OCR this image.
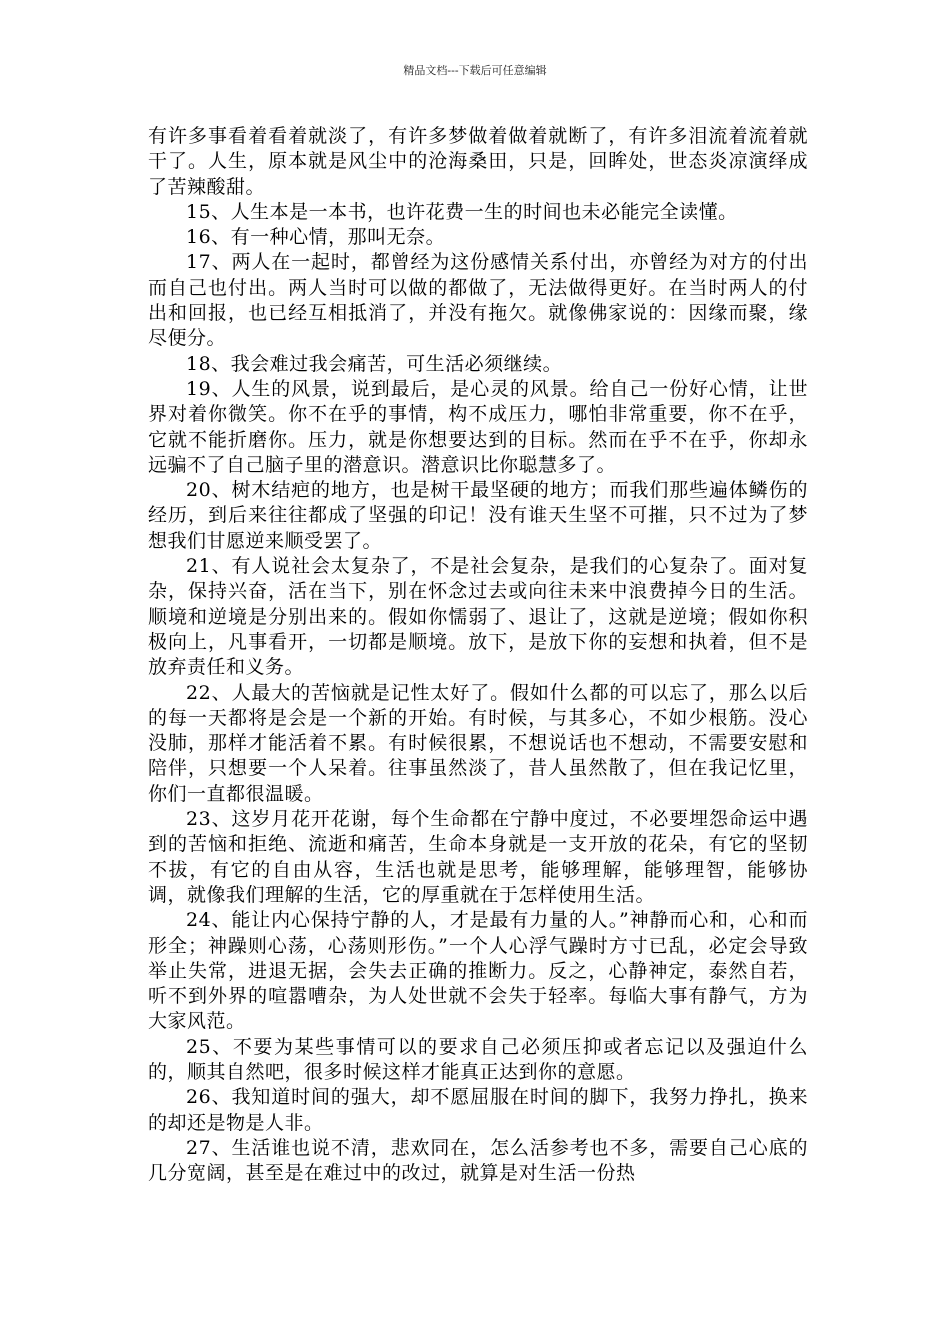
精品文档---下载后可任意编辑

有许多事看着看着就淡了，有许多梦做着做着就断了，有许多泪流着流着就干了。人生，原本就是风尘中的沧海桑田，只是，回眸处，世态炎凉演绎成了苦辣酸甜。

15、人生本是一本书，也许花费一生的时间也未必能完全读懂。

16、有一种心情，那叫无奈。

17、两人在一起时，都曾经为这份感情关系付出，亦曾经为对方的付出而自己也付出。两人当时可以做的都做了，无法做得更好。在当时两人的付出和回报，也已经互相抵消了，并没有拖欠。就像佛家说的：因缘而聚，缘尽便分。

18、我会难过我会痛苦，可生活必须继续。

19、人生的风景，说到最后，是心灵的风景。给自己一份好心情，让世界对着你微笑。你不在乎的事情，构不成压力，哪怕非常重要，你不在乎，它就不能折磨你。压力，就是你想要达到的目标。然而在乎不在乎，你却永远骗不了自己脑子里的潜意识。潜意识比你聪慧多了。

20、树木结疤的地方，也是树干最坚硬的地方；而我们那些遍体鳞伤的经历，到后来往往都成了坚强的印记！没有谁天生坚不可摧，只不过为了梦想我们甘愿逆来顺受罢了。

21、有人说社会太复杂了，不是社会复杂，是我们的心复杂了。面对复杂，保持兴奋，活在当下，别在怀念过去或向往未来中浪费掉今日的生活。顺境和逆境是分别出来的。假如你懦弱了、退让了，这就是逆境；假如你积极向上，凡事看开，一切都是顺境。放下，是放下你的妄想和执着，但不是放弃责任和义务。

22、人最大的苦恼就是记性太好了。假如什么都的可以忘了，那么以后的每一天都将是会是一个新的开始。有时候，与其多心，不如少根筋。没心没肺，那样才能活着不累。有时候很累，不想说话也不想动，不需要安慰和陪伴，只想要一个人呆着。往事虽然淡了，昔人虽然散了，但在我记忆里，你们一直都很温暖。

23、这岁月花开花谢，每个生命都在宁静中度过，不必要埋怨命运中遇到的苦恼和拒绝、流逝和痛苦，生命本身就是一支开放的花朵，有它的坚韧不拔，有它的自由从容，生活也就是思考，能够理解，能够理智，能够协调，就像我们理解的生活，它的厚重就在于怎样使用生活。

24、能让内心保持宁静的人，才是最有力量的人。”神静而心和，心和而形全；神躁则心荡，心荡则形伤。”一个人心浮气躁时方寸已乱，必定会导致举止失常，进退无据，会失去正确的推断力。反之，心静神定，泰然自若，听不到外界的喧嚣嘈杂，为人处世就不会失于轻率。每临大事有静气，方为大家风范。

25、不要为某些事情可以的要求自己必须压抑或者忘记以及强迫什么的，顺其自然吧，很多时候这样才能真正达到你的意愿。

26、我知道时间的强大，却不愿屈服在时间的脚下，我努力挣扎，换来的却还是物是人非。

27、生活谁也说不清，悲欢同在，怎么活参考也不多，需要自己心底的几分宽阔，甚至是在难过中的改过，就算是对生活一份热
